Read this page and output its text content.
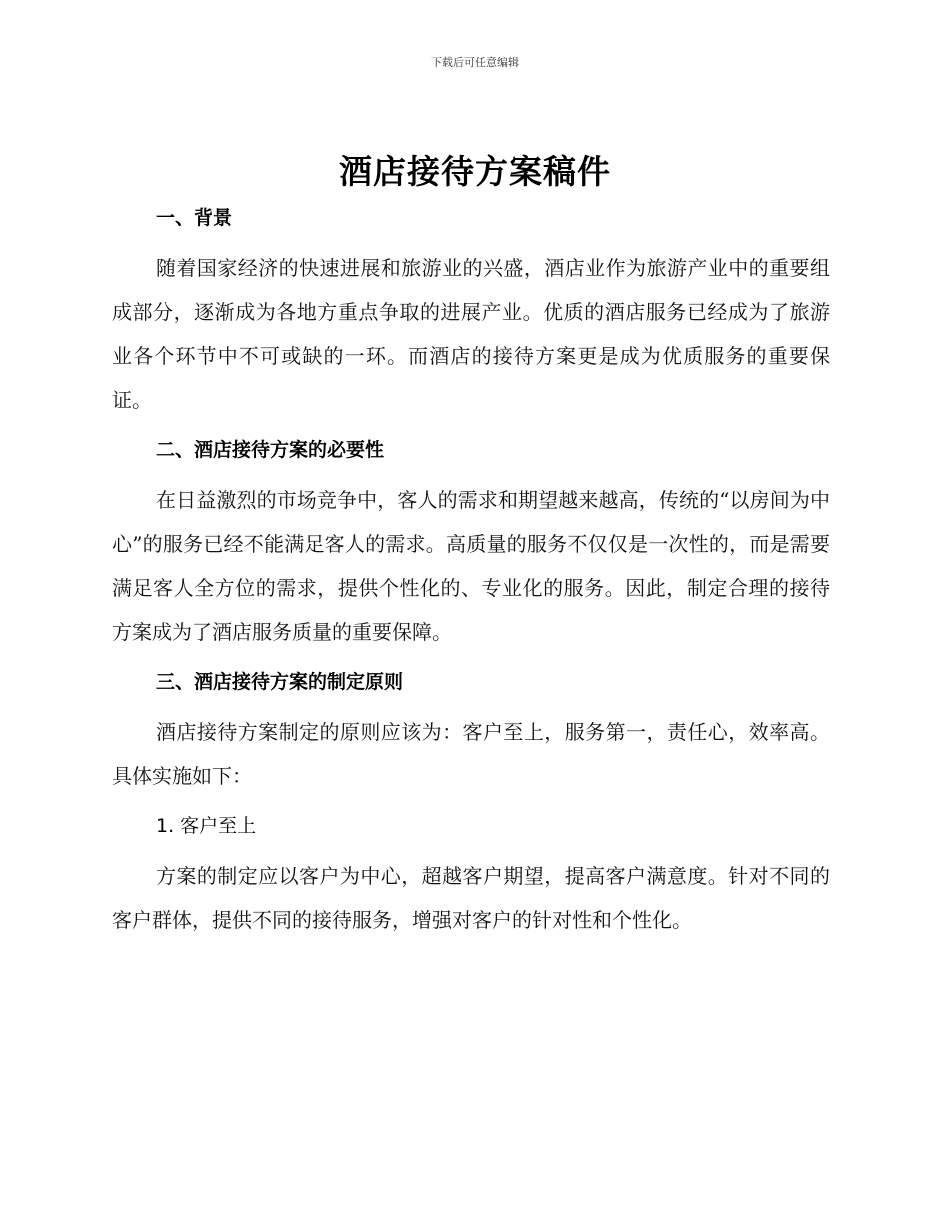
下载后可任意编辑
酒店接待方案稿件
一、背景

随着国家经济的快速进展和旅游业的兴盛，酒店业作为旅游产业中的重要组成部分，逐渐成为各地方重点争取的进展产业。优质的酒店服务已经成为了旅游业各个环节中不可或缺的一环。而酒店的接待方案更是成为优质服务的重要保证。

二、酒店接待方案的必要性

在日益激烈的市场竞争中，客人的需求和期望越来越高，传统的“以房间为中心”的服务已经不能满足客人的需求。高质量的服务不仅仅是一次性的，而是需要满足客人全方位的需求，提供个性化的、专业化的服务。因此，制定合理的接待方案成为了酒店服务质量的重要保障。

三、酒店接待方案的制定原则

酒店接待方案制定的原则应该为：客户至上，服务第一，责任心，效率高。具体实施如下：

1. 客户至上

方案的制定应以客户为中心，超越客户期望，提高客户满意度。针对不同的客户群体，提供不同的接待服务，增强对客户的针对性和个性化。
